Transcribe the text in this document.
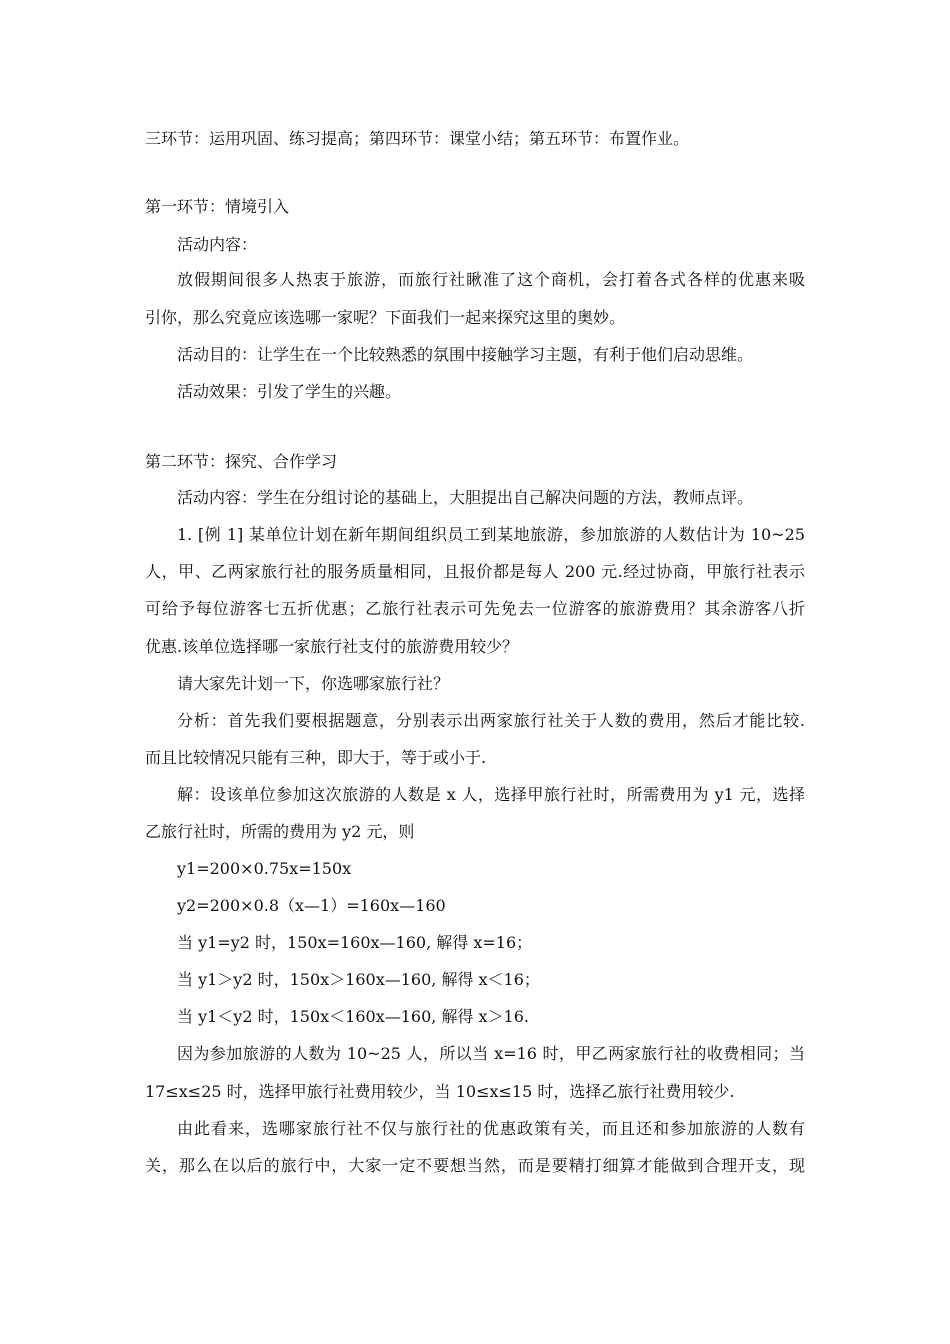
三环节：运用巩固、练习提高；第四环节：课堂小结；第五环节：布置作业。
第一环节：情境引入
活动内容：
放假期间很多人热衷于旅游，而旅行社瞅准了这个商机，会打着各式各样的优惠来吸
引你，那么究竟应该选哪一家呢？下面我们一起来探究这里的奥妙。
活动目的：让学生在一个比较熟悉的氛围中接触学习主题，有利于他们启动思维。
活动效果：引发了学生的兴趣。
第二环节：探究、合作学习
活动内容：学生在分组讨论的基础上，大胆提出自己解决问题的方法，教师点评。
1. [例 1] 某单位计划在新年期间组织员工到某地旅游，参加旅游的人数估计为 10~25
人，甲、乙两家旅行社的服务质量相同，且报价都是每人 200 元.经过协商，甲旅行社表示
可给予每位游客七五折优惠；乙旅行社表示可先免去一位游客的旅游费用？其余游客八折
优惠.该单位选择哪一家旅行社支付的旅游费用较少？
请大家先计划一下，你选哪家旅行社？
分析：首先我们要根据题意，分别表示出两家旅行社关于人数的费用，然后才能比较.
而且比较情况只能有三种，即大于，等于或小于.
解：设该单位参加这次旅游的人数是 x 人，选择甲旅行社时，所需费用为 y1 元，选择
乙旅行社时，所需的费用为 y2 元，则
y1=200×0.75x=150x
y2=200×0.8（x—1）=160x—160
当 y1=y2 时，150x=160x—160, 解得 x=16；
当 y1＞y2 时，150x＞160x—160, 解得 x＜16；
当 y1＜y2 时，150x＜160x—160, 解得 x＞16.
因为参加旅游的人数为 10~25 人，所以当 x=16 时，甲乙两家旅行社的收费相同；当
17≤x≤25 时，选择甲旅行社费用较少，当 10≤x≤15 时，选择乙旅行社费用较少.
由此看来，选哪家旅行社不仅与旅行社的优惠政策有关，而且还和参加旅游的人数有
关，那么在以后的旅行中，大家一定不要想当然，而是要精打细算才能做到合理开支，现
